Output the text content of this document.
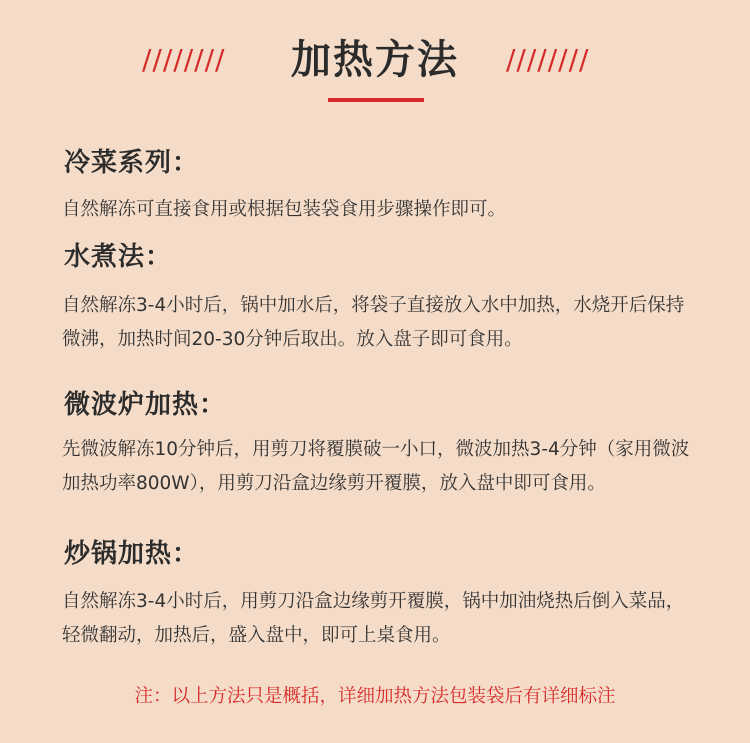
////////	加热方法	////////
冷菜系列：
自然解冻可直接食用或根据包装袋食用步骤操作即可。
水煮法：
自然解冻3-4小时后，锅中加水后，将袋子直接放入水中加热，水烧开后保持微沸，加热时间20-30分钟后取出。放入盘子即可食用。
微波炉加热：
先微波解冻10分钟后，用剪刀将覆膜破一小口，微波加热3-4分钟（家用微波加热功率800W），用剪刀沿盒边缘剪开覆膜，放入盘中即可食用。
炒锅加热：
自然解冻3-4小时后，用剪刀沿盒边缘剪开覆膜，锅中加油烧热后倒入菜品，轻微翻动，加热后，盛入盘中，即可上桌食用。
注：以上方法只是概括，详细加热方法包装袋后有详细标注
